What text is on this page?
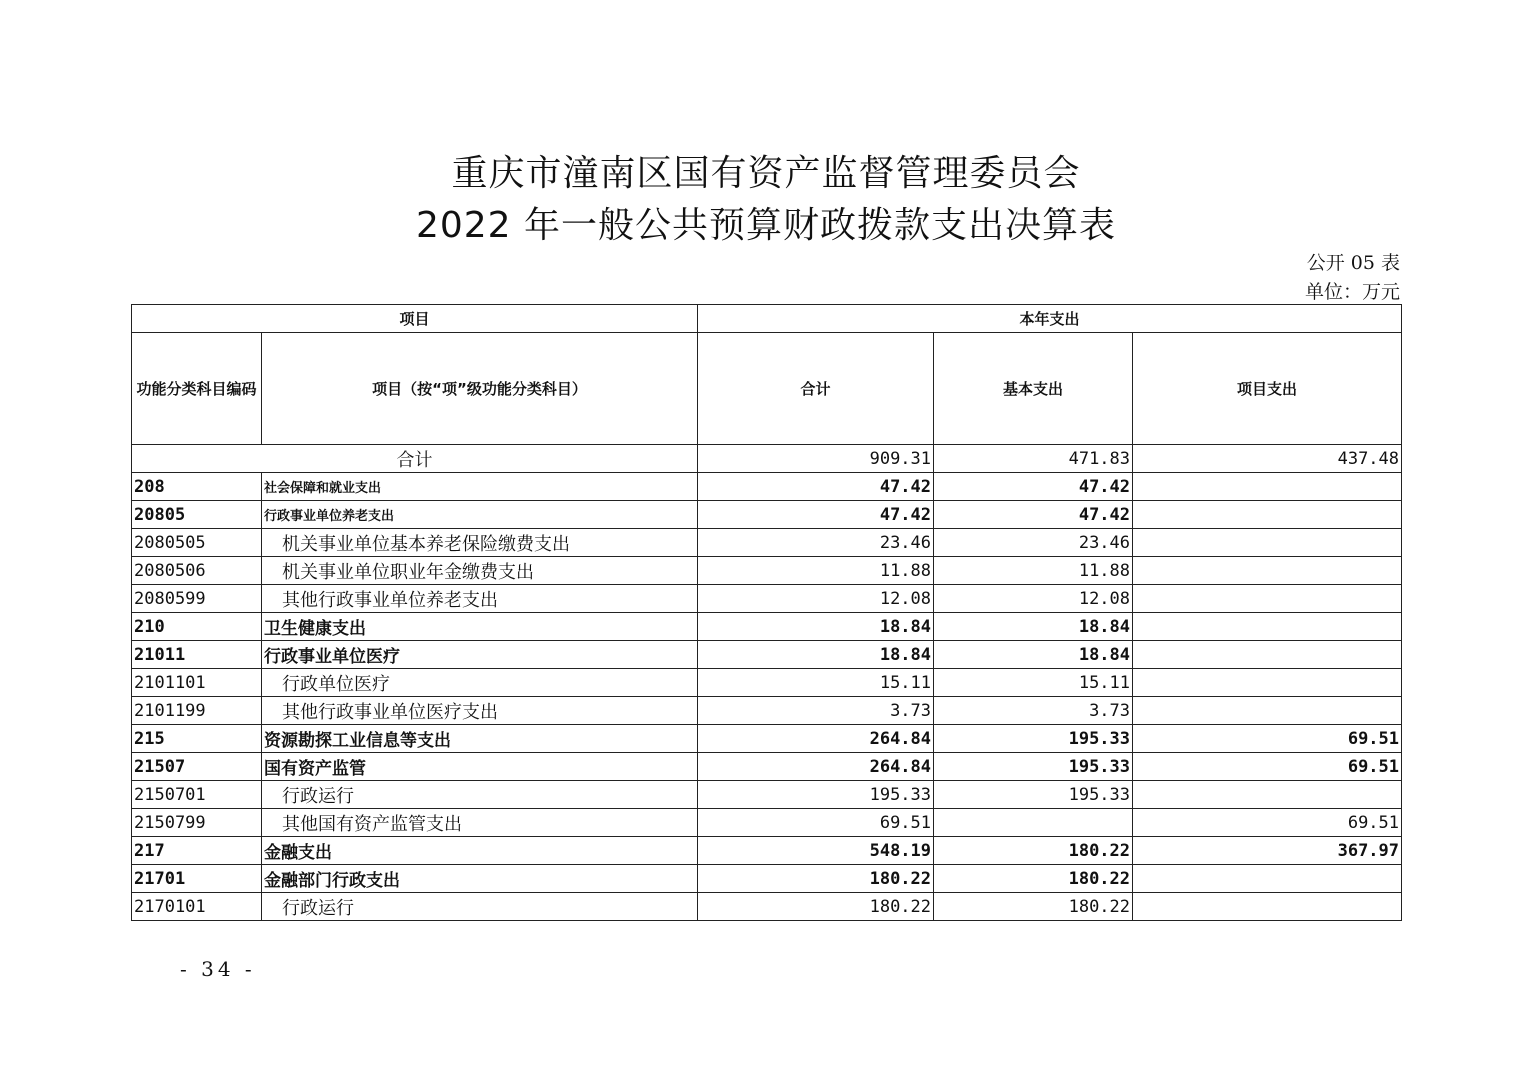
重庆市潼南区国有资产监督管理委员会
2022 年一般公共预算财政拨款支出决算表
公开 05 表
单位：万元
项目		本年支出		
功能分类科目编码	项目（按“项”级功能分类科目）	合计	基本支出	项目支出
合计		909.31	471.83	437.48
208	社会保障和就业支出	47.42	47.42	
20805	行政事业单位养老支出	47.42	47.42	
2080505	机关事业单位基本养老保险缴费支出	23.46	23.46	
2080506	机关事业单位职业年金缴费支出	11.88	11.88	
2080599	其他行政事业单位养老支出	12.08	12.08	
210	卫生健康支出	18.84	18.84	
21011	行政事业单位医疗	18.84	18.84	
2101101	行政单位医疗	15.11	15.11	
2101199	其他行政事业单位医疗支出	3.73	3.73	
215	资源勘探工业信息等支出	264.84	195.33	69.51
21507	国有资产监管	264.84	195.33	69.51
2150701	行政运行	195.33	195.33	
2150799	其他国有资产监管支出	69.51		69.51
217	金融支出	548.19	180.22	367.97
21701	金融部门行政支出	180.22	180.22	
2170101	行政运行	180.22	180.22	
- 34 -
